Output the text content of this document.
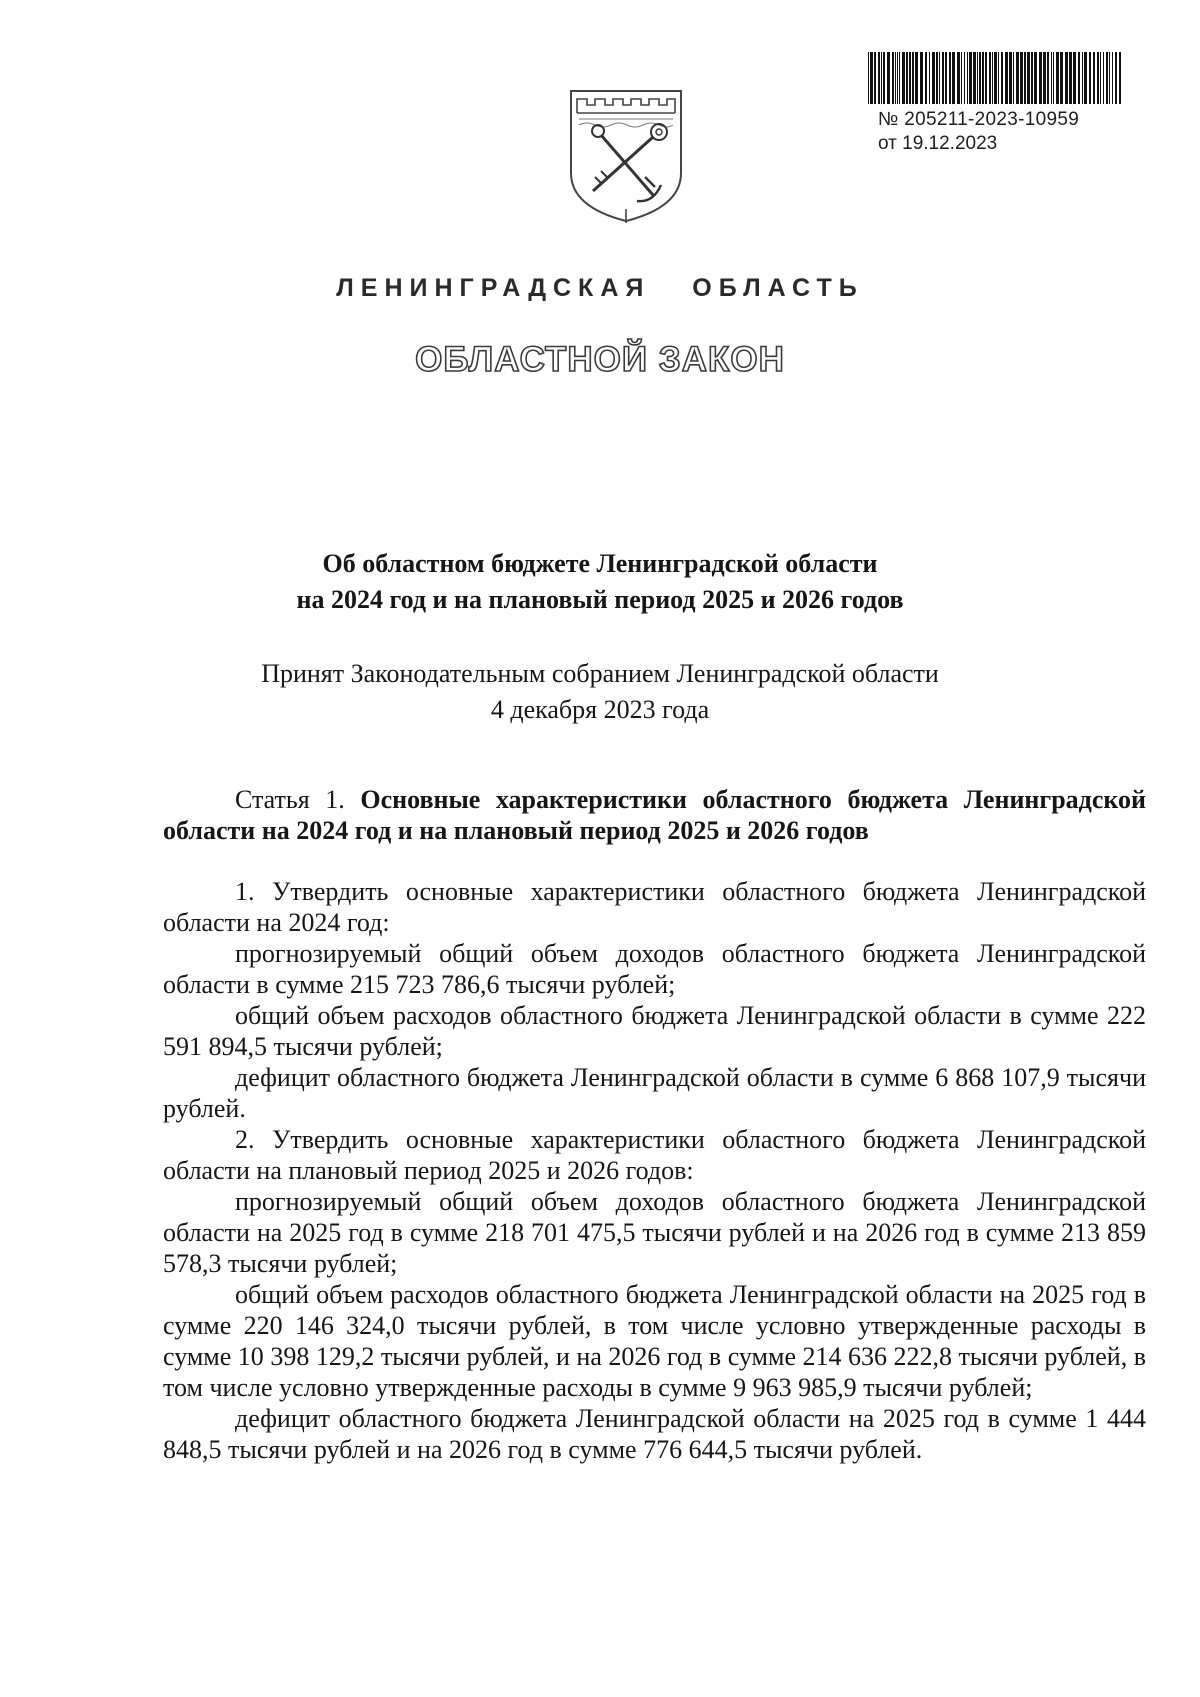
№ 205211-2023-10959
от 19.12.2023
ЛЕНИНГРАДСКАЯ ОБЛАСТЬ
ОБЛАСТНОЙ ЗАКОН
Об областном бюджете Ленинградской области
на 2024 год и на плановый период 2025 и 2026 годов
Принят Законодательным собранием Ленинградской области
4 декабря 2023 года

Статья 1. Основные характеристики областного бюджета Ленинградской области на 2024 год и на плановый период 2025 и 2026 годов

1. Утвердить основные характеристики областного бюджета Ленинградской области на 2024 год:

прогнозируемый общий объем доходов областного бюджета Ленинградской области в сумме 215 723 786,6 тысячи рублей;

общий объем расходов областного бюджета Ленинградской области в сумме 222 591 894,5 тысячи рублей;

дефицит областного бюджета Ленинградской области в сумме 6 868 107,9 тысячи рублей.

2. Утвердить основные характеристики областного бюджета Ленинградской области на плановый период 2025 и 2026 годов:

прогнозируемый общий объем доходов областного бюджета Ленинградской области на 2025 год в сумме 218 701 475,5 тысячи рублей и на 2026 год в сумме 213 859 578,3 тысячи рублей;

общий объем расходов областного бюджета Ленинградской области на 2025 год в сумме 220 146 324,0 тысячи рублей, в том числе условно утвержденные расходы в сумме 10 398 129,2 тысячи рублей, и на 2026 год в сумме 214 636 222,8 тысячи рублей, в том числе условно утвержденные расходы в сумме 9 963 985,9 тысячи рублей;

дефицит областного бюджета Ленинградской области на 2025 год в сумме 1 444 848,5 тысячи рублей и на 2026 год в сумме 776 644,5 тысячи рублей.
